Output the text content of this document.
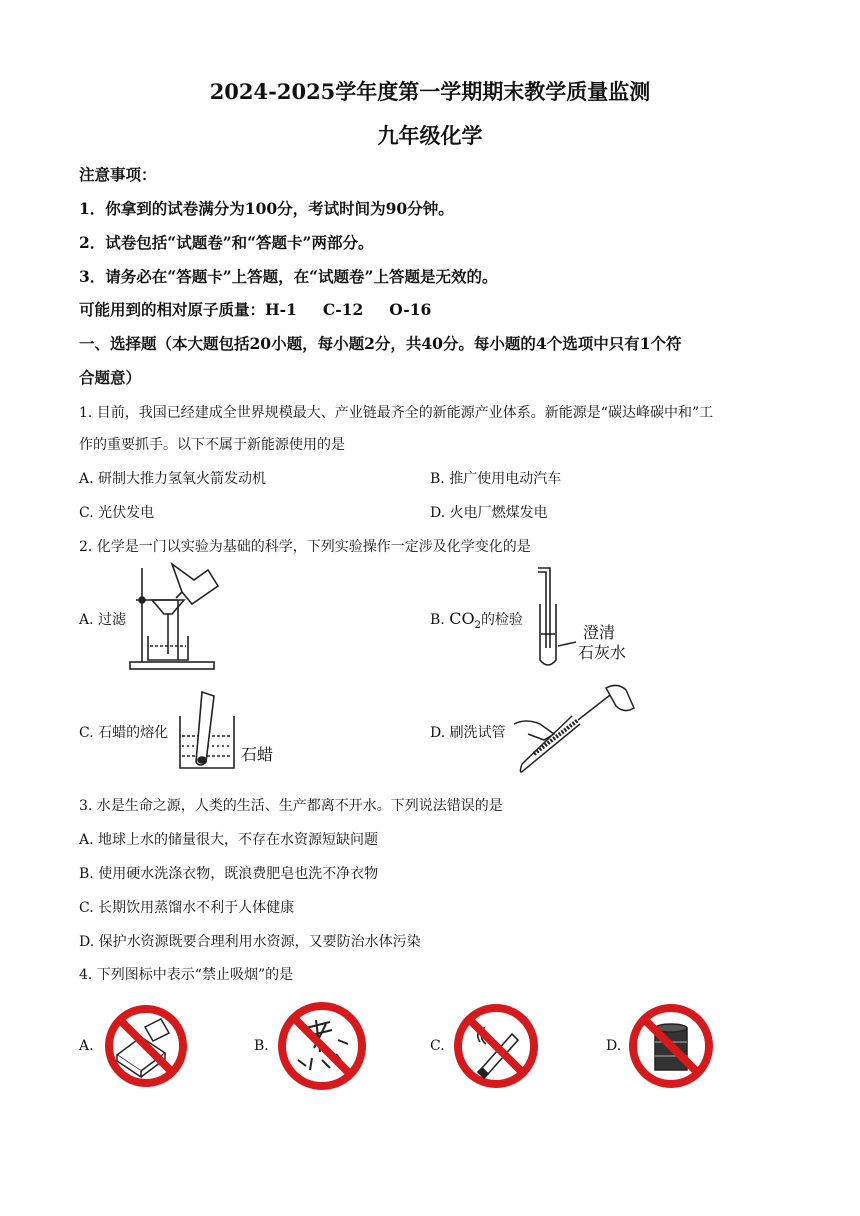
2024-2025学年度第一学期期末教学质量监测
九年级化学
注意事项：
1．你拿到的试卷满分为100分，考试时间为90分钟。
2．试卷包括“试题卷”和“答题卡”两部分。
3．请务必在“答题卡”上答题，在“试题卷”上答题是无效的。
可能用到的相对原子质量：H-1 C-12 O-16
一、选择题（本大题包括20小题，每小题2分，共40分。每小题的4个选项中只有1个符
合题意）
1. 目前，我国已经建成全世界规模最大、产业链最齐全的新能源产业体系。新能源是“碳达峰碳中和”工
作的重要抓手。以下不属于新能源使用的是
A. 研制大推力氢氧火箭发动机	B. 推广使用电动汽车
C. 光伏发电	D. 火电厂燃煤发电
2. 化学是一门以实验为基础的科学，下列实验操作一定涉及化学变化的是
A. 过滤	B. $CO_2$的检验
澄清
石灰水
C. 石蜡的熔化
石蜡
D. 刷洗试管
3. 水是生命之源，人类的生活、生产都离不开水。下列说法错误的是
A. 地球上水的储量很大，不存在水资源短缺问题
B. 使用硬水洗涤衣物，既浪费肥皂也洗不净衣物
C. 长期饮用蒸馏水不利于人体健康
D. 保护水资源既要合理利用水资源，又要防治水体污染
4. 下列图标中表示“禁止吸烟”的是
A.	B.	C.	D.
